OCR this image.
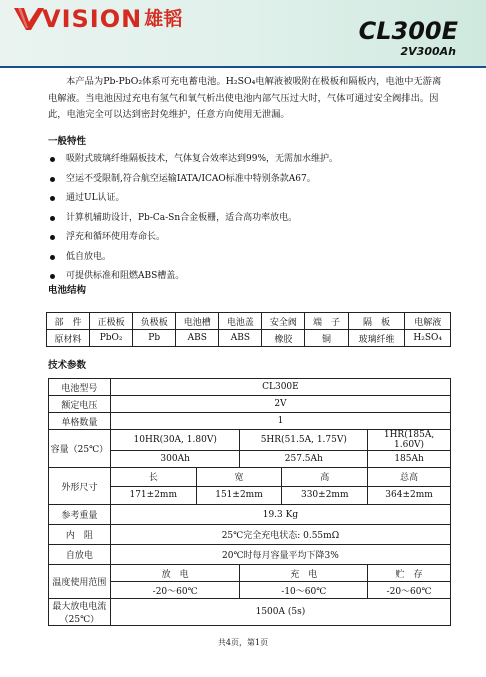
VISION 雄韬	CL300E
2V300Ah

本产品为Pb-PbO₂体系可充电蓄电池。H₂SO₄电解液被吸附在极板和隔板内，电池中无游离电解液。当电池因过充电有氢气和氧气析出使电池内部气压过大时，气体可通过安全阀排出。因此，电池完全可以达到密封免维护，任意方向使用无泄漏。

一般特性
吸附式玻璃纤维隔板技术，气体复合效率达到99%，无需加水维护。
空运不受限制,符合航空运输IATA/ICAO标准中特别条款A67。
通过UL认证。
计算机辅助设计，Pb-Ca-Sn合金板栅，适合高功率放电。
浮充和循环使用寿命长。
低自放电。
可提供标准和阻燃ABS槽盖。
电池结构
部　件	正极板	负极板	电池槽	电池盖	安全阀	端　子	隔　板	电解液
原材料	PbO₂	Pb	ABS	ABS	橡胶	铜	玻璃纤维	H₂SO₄
技术参数
电池型号	CL300E				
额定电压	2V				
单格数量	1				
容量（25℃）	10HR(30A, 1.80V)		5HR(51.5A, 1.75V)		1HR(185A, 1.60V)
	300Ah		257.5Ah		185Ah
外形尺寸	长	宽		高	总高
	171±2mm	151±2mm		330±2mm	364±2mm
参考重量	19.3 Kg				
内　阻	25℃完全充电状态: 0.55mΩ				
自放电	20℃时每月容量平均下降3%				
温度使用范围	放　电		充　电		贮　存
	-20～60℃		-10～60℃		-20～60℃
最大放电电流（25℃）	1500A (5s)				
共4页，第1页
